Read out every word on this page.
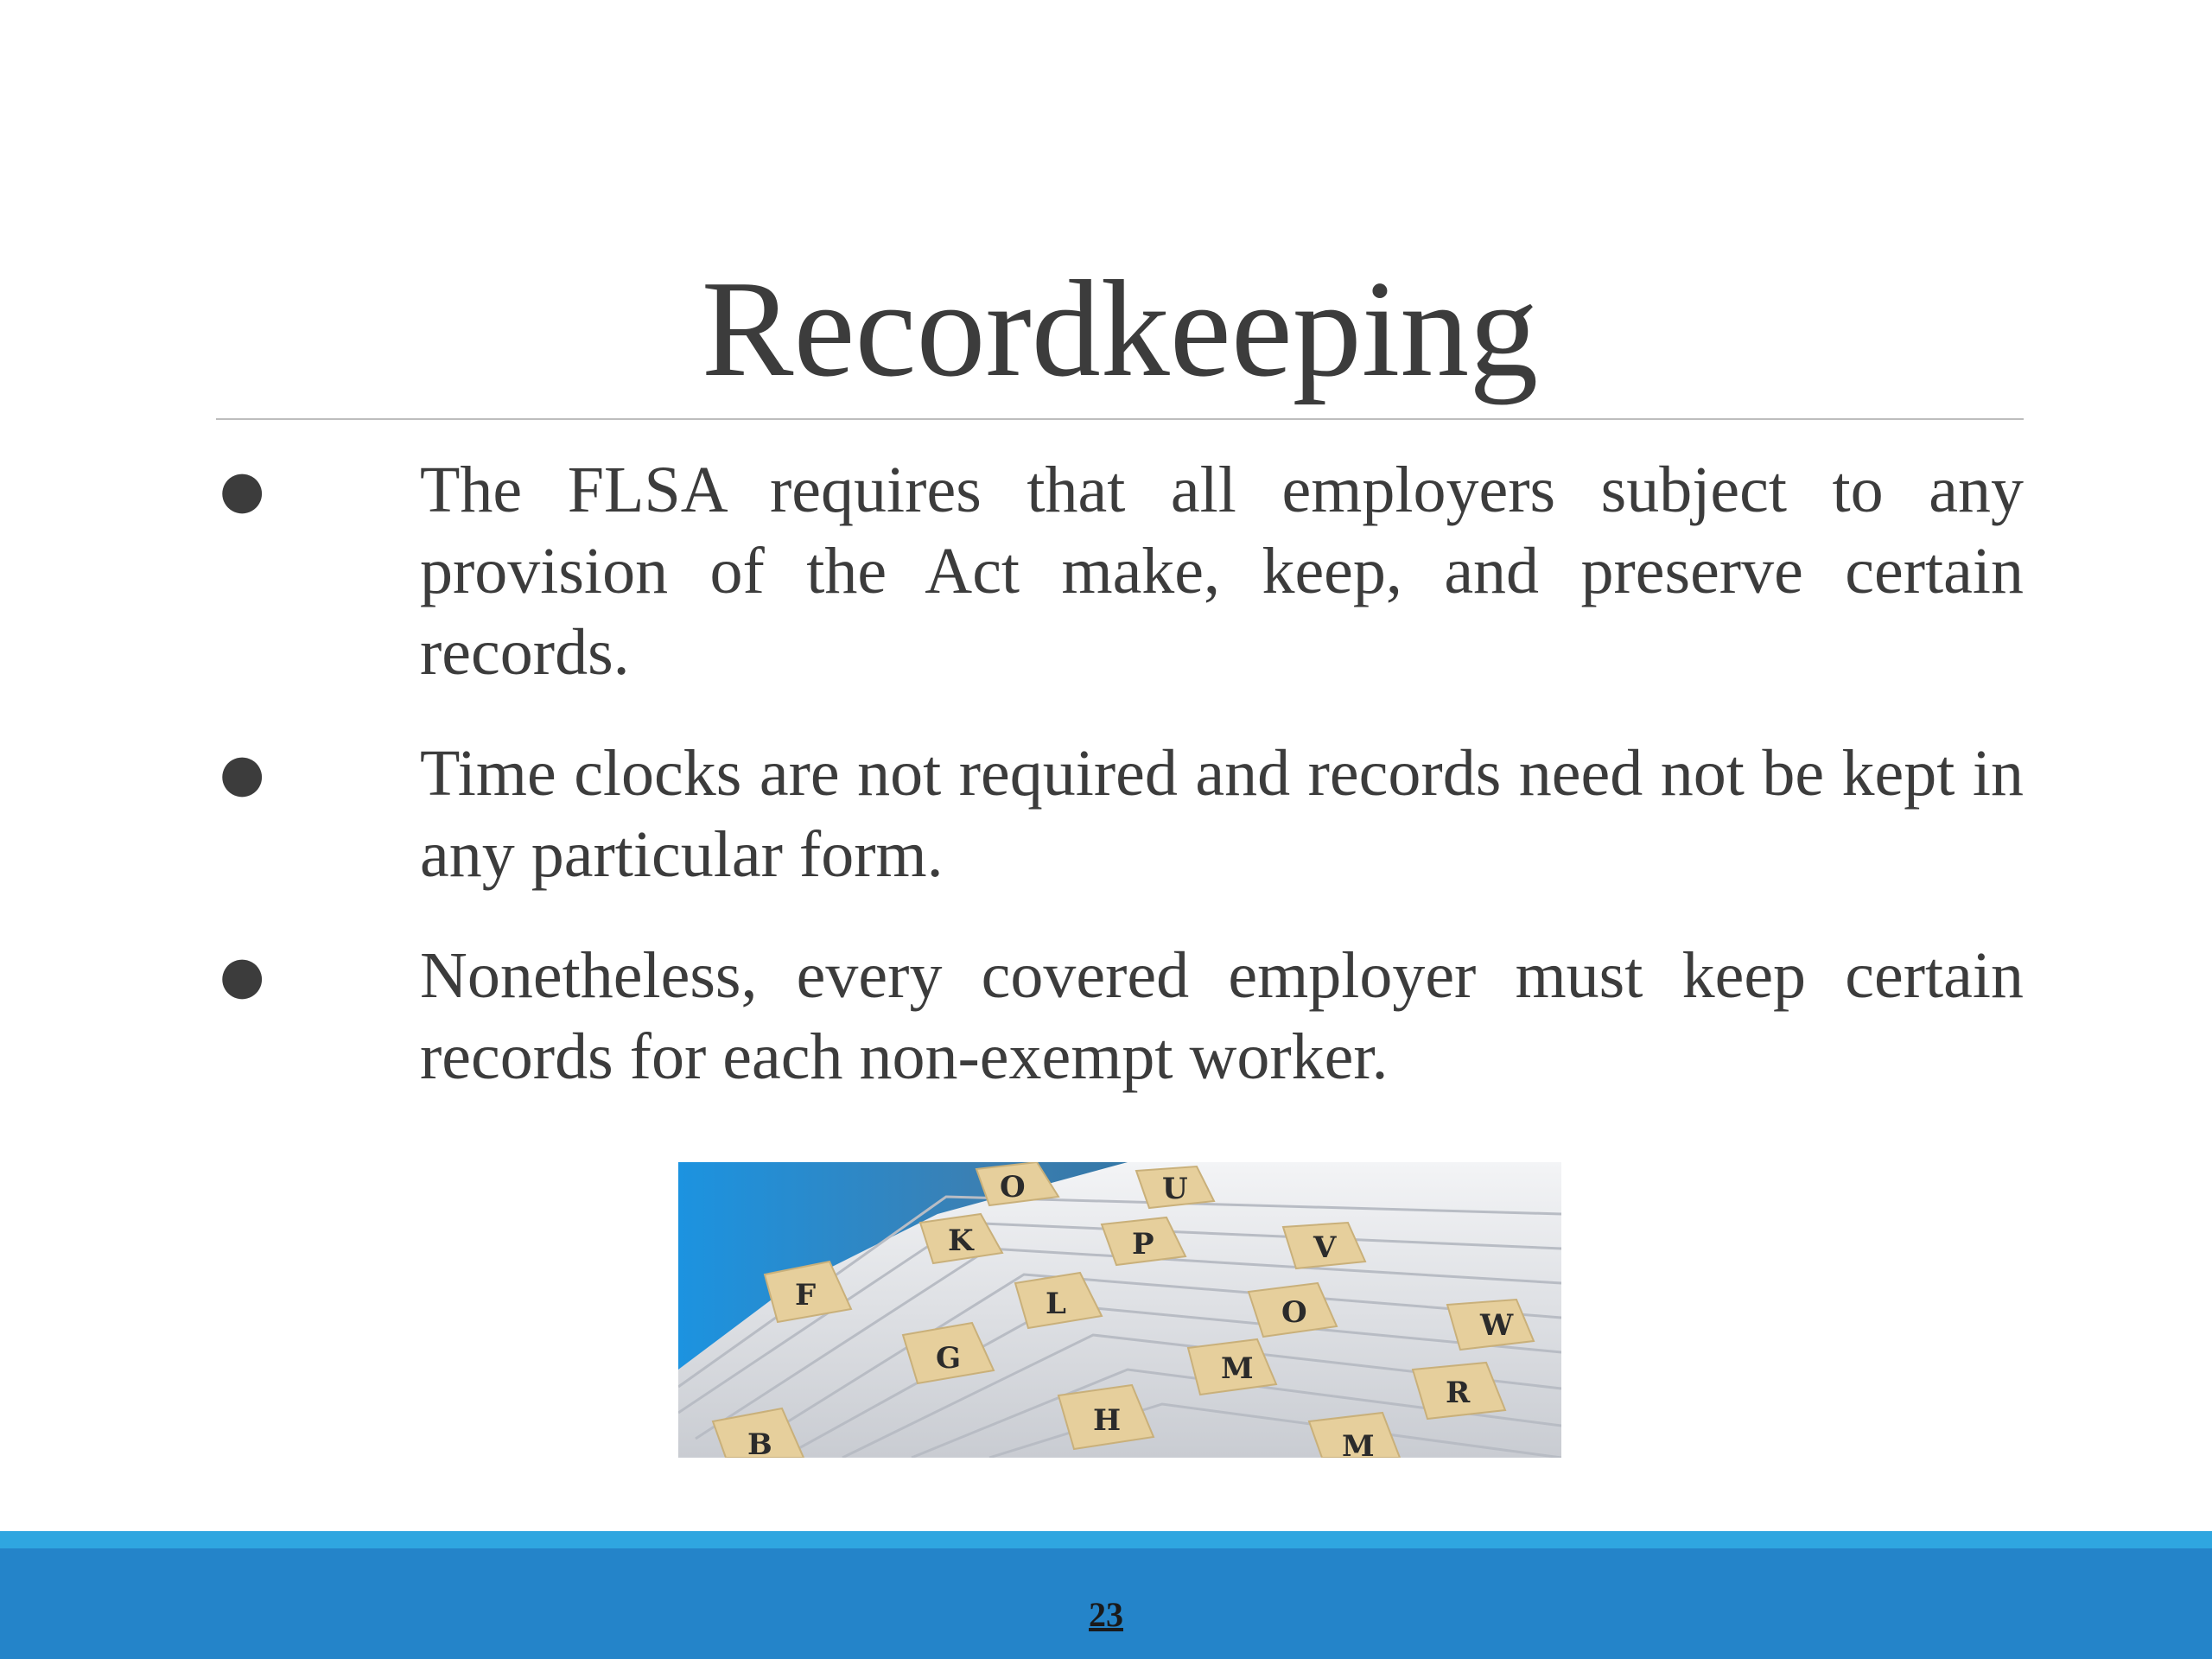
Recordkeeping
●	The FLSA requires that all employers subject to any provision of the Act make, keep, and preserve certain records.
●	Time clocks are not required and records need not be kept in any particular form.
●	Nonetheless, every covered employer must keep certain records for each non-exempt worker.
O	U
K	P	V
F	L	O	W
G	M
R
H
B	M
23
